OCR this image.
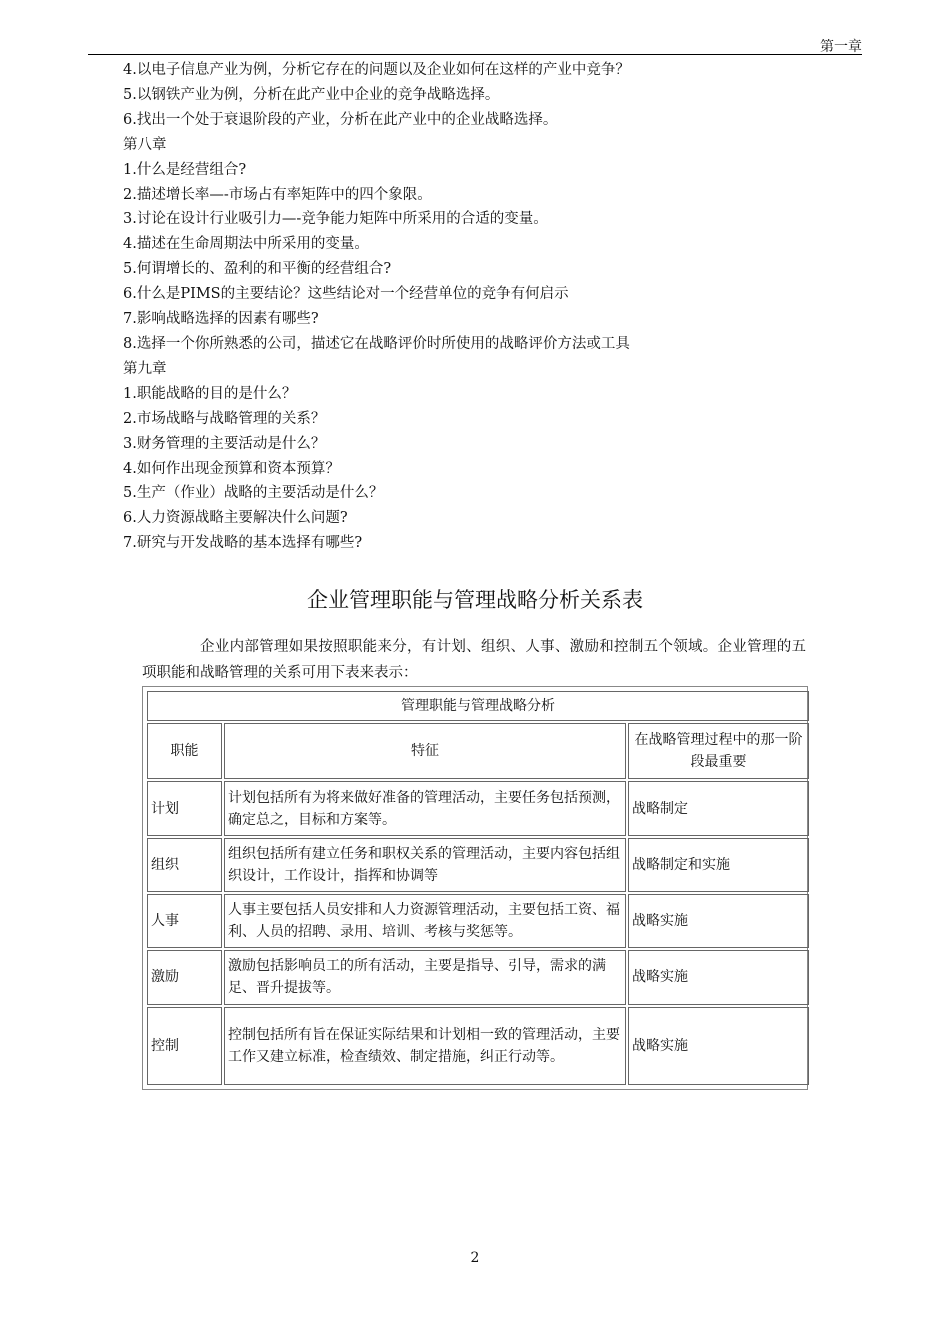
第一章
4.以电子信息产业为例，分析它存在的问题以及企业如何在这样的产业中竞争？
5.以钢铁产业为例，分析在此产业中企业的竞争战略选择。
6.找出一个处于衰退阶段的产业，分析在此产业中的企业战略选择。
第八章
1.什么是经营组合?
2.描述增长率—-市场占有率矩阵中的四个象限。
3.讨论在设计行业吸引力—-竞争能力矩阵中所采用的合适的变量。
4.描述在生命周期法中所采用的变量。
5.何谓增长的、盈利的和平衡的经营组合?
6.什么是PIMS的主要结论？这些结论对一个经营单位的竞争有何启示
7.影响战略选择的因素有哪些?
8.选择一个你所熟悉的公司，描述它在战略评价时所使用的战略评价方法或工具
第九章
1.职能战略的目的是什么？
2.市场战略与战略管理的关系？
3.财务管理的主要活动是什么？
4.如何作出现金预算和资本预算？
5.生产（作业）战略的主要活动是什么？
6.人力资源战略主要解决什么问题?
7.研究与开发战略的基本选择有哪些?
企业管理职能与管理战略分析关系表
企业内部管理如果按照职能来分，有计划、组织、人事、激励和控制五个领域。企业管理的五项职能和战略管理的关系可用下表来表示：
管理职能与管理战略分析		
职能	特征	在战略管理过程中的那一阶段最重要
计划	计划包括所有为将来做好准备的管理活动，主要任务包括预测，确定总之，目标和方案等。	战略制定
组织	组织包括所有建立任务和职权关系的管理活动，主要内容包括组织设计，工作设计，指挥和协调等	战略制定和实施
人事	人事主要包括人员安排和人力资源管理活动，主要包括工资、福利、人员的招聘、录用、培训、考核与奖惩等。	战略实施
激励	激励包括影响员工的所有活动，主要是指导、引导，需求的满足、晋升提拔等。	战略实施
控制	控制包括所有旨在保证实际结果和计划相一致的管理活动，主要工作又建立标准，检查绩效、制定措施，纠正行动等。	战略实施
2
